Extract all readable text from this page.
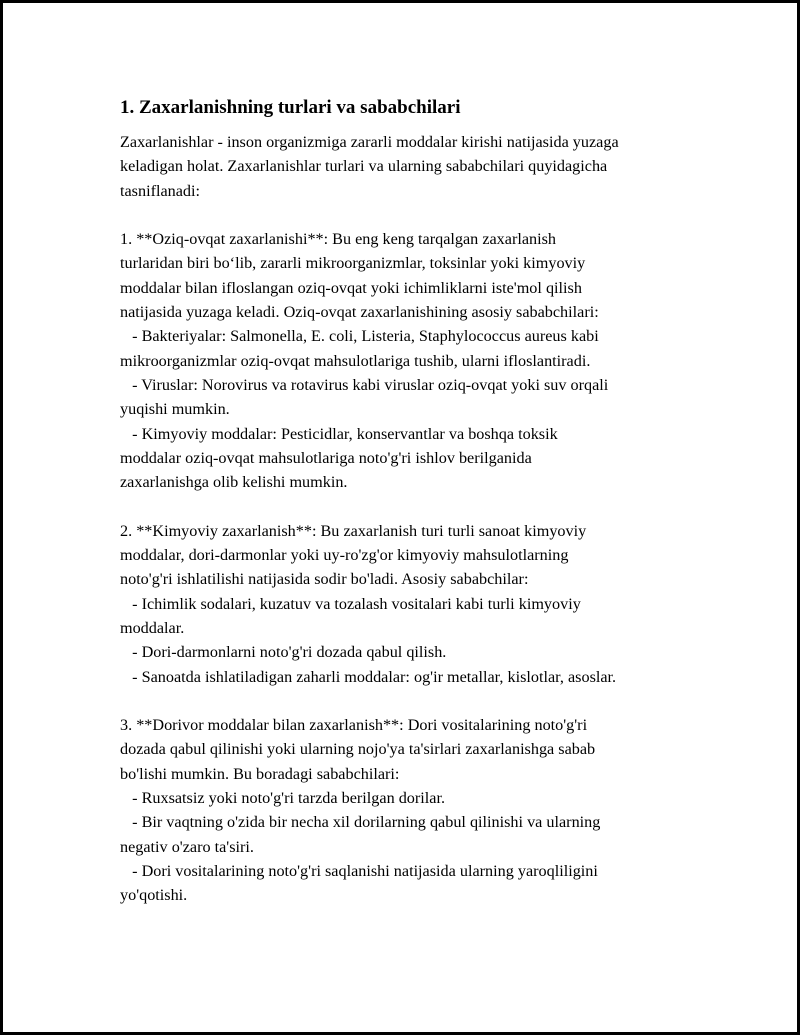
1. Zaxarlanishning turlari va sababchilari
Zaxarlanishlar - inson organizmiga zararli moddalar kirishi natijasida yuzaga
keladigan holat. Zaxarlanishlar turlari va ularning sababchilari quyidagicha
tasniflanadi:

1. **Oziq-ovqat zaxarlanishi**: Bu eng keng tarqalgan zaxarlanish
turlaridan biri bo‘lib, zararli mikroorganizmlar, toksinlar yoki kimyoviy
moddalar bilan ifloslangan oziq-ovqat yoki ichimliklarni iste'mol qilish
natijasida yuzaga keladi. Oziq-ovqat zaxarlanishining asosiy sababchilari:
- Bakteriyalar: Salmonella, E. coli, Listeria, Staphylococcus aureus kabi
mikroorganizmlar oziq-ovqat mahsulotlariga tushib, ularni ifloslantiradi.
- Viruslar: Norovirus va rotavirus kabi viruslar oziq-ovqat yoki suv orqali
yuqishi mumkin.
- Kimyoviy moddalar: Pesticidlar, konservantlar va boshqa toksik
moddalar oziq-ovqat mahsulotlariga noto'g'ri ishlov berilganida
zaxarlanishga olib kelishi mumkin.

2. **Kimyoviy zaxarlanish**: Bu zaxarlanish turi turli sanoat kimyoviy
moddalar, dori-darmonlar yoki uy-ro'zg'or kimyoviy mahsulotlarning
noto'g'ri ishlatilishi natijasida sodir bo'ladi. Asosiy sababchilar:
- Ichimlik sodalari, kuzatuv va tozalash vositalari kabi turli kimyoviy
moddalar.
- Dori-darmonlarni noto'g'ri dozada qabul qilish.
- Sanoatda ishlatiladigan zaharli moddalar: og'ir metallar, kislotlar, asoslar.

3. **Dorivor moddalar bilan zaxarlanish**: Dori vositalarining noto'g'ri
dozada qabul qilinishi yoki ularning nojo'ya ta'sirlari zaxarlanishga sabab
bo'lishi mumkin. Bu boradagi sababchilari:
- Ruxsatsiz yoki noto'g'ri tarzda berilgan dorilar.
- Bir vaqtning o'zida bir necha xil dorilarning qabul qilinishi va ularning
negativ o'zaro ta'siri.
- Dori vositalarining noto'g'ri saqlanishi natijasida ularning yaroqliligini
yo'qotishi.
